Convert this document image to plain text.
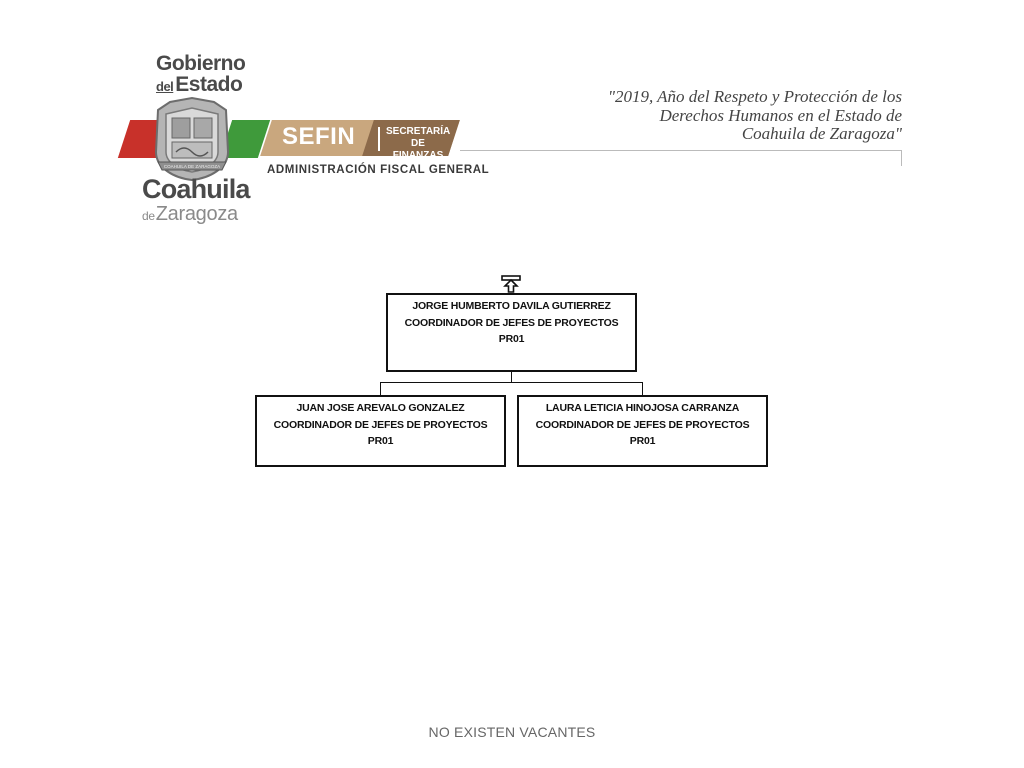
Gobierno
delEstado
COAHUILA DE ZARAGOZA
Coahuila
deZaragoza
SEFIN	SECRETARÍA
DE FINANZAS
ADMINISTRACIÓN FISCAL GENERAL
"2019, Año del Respeto y Protección de los
Derechos Humanos en el Estado de
Coahuila de Zaragoza"
JORGE HUMBERTO DAVILA GUTIERREZ
COORDINADOR DE JEFES DE PROYECTOS
PR01
JUAN JOSE AREVALO GONZALEZ
COORDINADOR DE JEFES DE PROYECTOS
PR01
LAURA LETICIA HINOJOSA CARRANZA
COORDINADOR DE JEFES DE PROYECTOS
PR01
NO EXISTEN VACANTES
